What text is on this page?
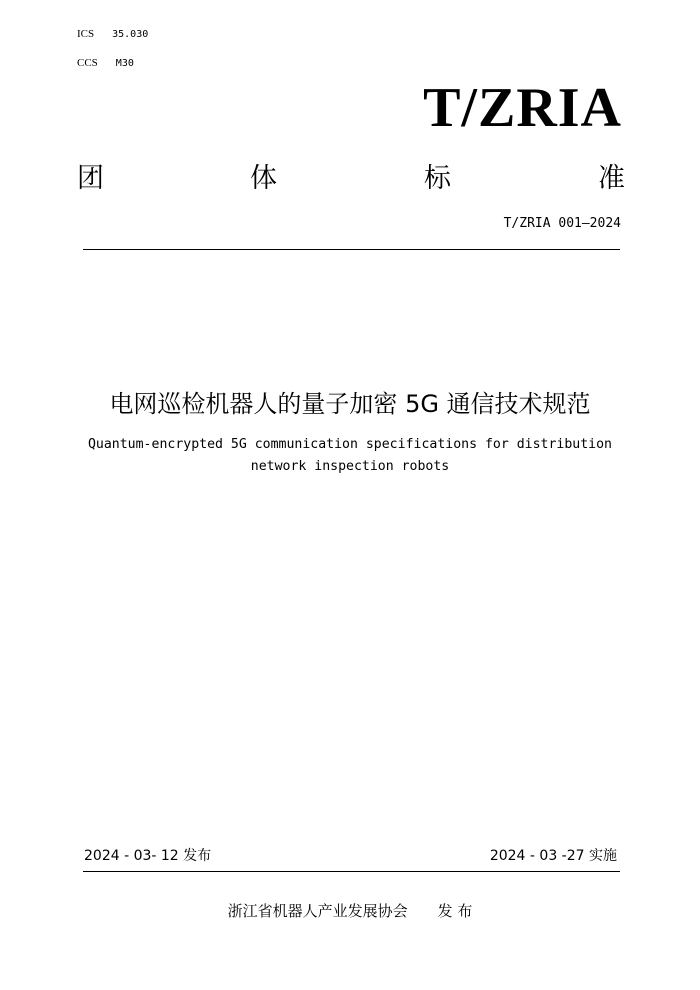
ICS 35.030
CCS M30
T/ZRIA
团	体	标	准
T/ZRIA 001—2024
电网巡检机器人的量子加密 5G 通信技术规范
Quantum-encrypted 5G communication specifications for distribution
network inspection robots
2024 - 03- 12 发布	2024 - 03 -27 实施
浙江省机器人产业发展协会 发 布
